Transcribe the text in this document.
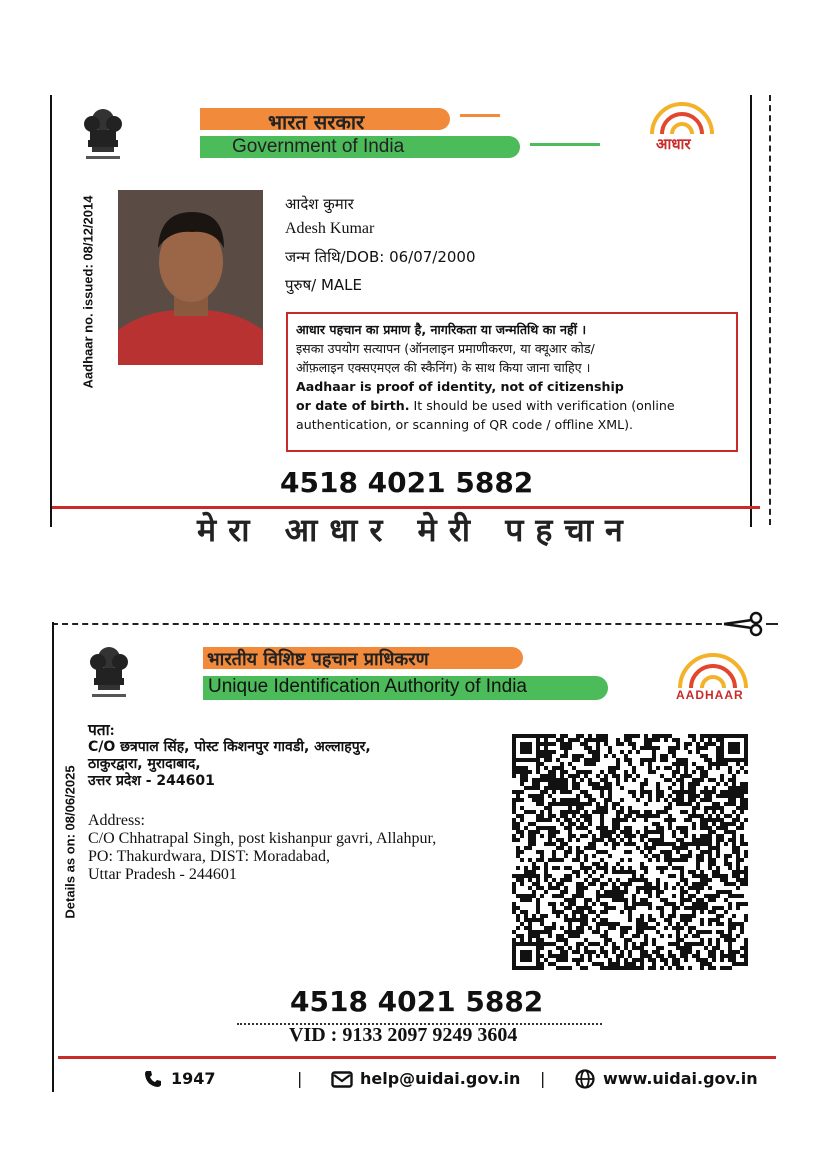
भारत सरकार
Government of India	आधार
Aadhaar no. issued: 08/12/2014	आदेश कुमार
Adesh Kumar
जन्म तिथि/DOB: 06/07/2000
पुरुष/ MALE
आधार पहचान का प्रमाण है, नागरिकता या जन्मतिथि का नहीं ।
इसका उपयोग सत्यापन (ऑनलाइन प्रमाणीकरण, या क्यूआर कोड/
ऑफ़लाइन एक्सएमएल की स्कैनिंग) के साथ किया जाना चाहिए ।
Aadhaar is proof of identity, not of citizenship
or date of birth. It should be used with verification (online
authentication, or scanning of QR code / offline XML).
4518 4021 5882
मेरा आधार मेरी पहचान
भारतीय विशिष्ट पहचान प्राधिकरण
Unique Identification Authority of India	AADHAAR
Details as on: 08/06/2025
पता:
C/O छत्रपाल सिंह, पोस्ट किशनपुर गावडी, अल्लाहपुर,
ठाकुरद्वारा, मुरादाबाद,
उत्तर प्रदेश - 244601
Address:
C/O Chhatrapal Singh, post kishanpur gavri, Allahpur,
PO: Thakurdwara, DIST: Moradabad,
Uttar Pradesh - 244601
4518 4021 5882
VID : 9133 2097 9249 3604
1947	|	help@uidai.gov.in |	www.uidai.gov.in
